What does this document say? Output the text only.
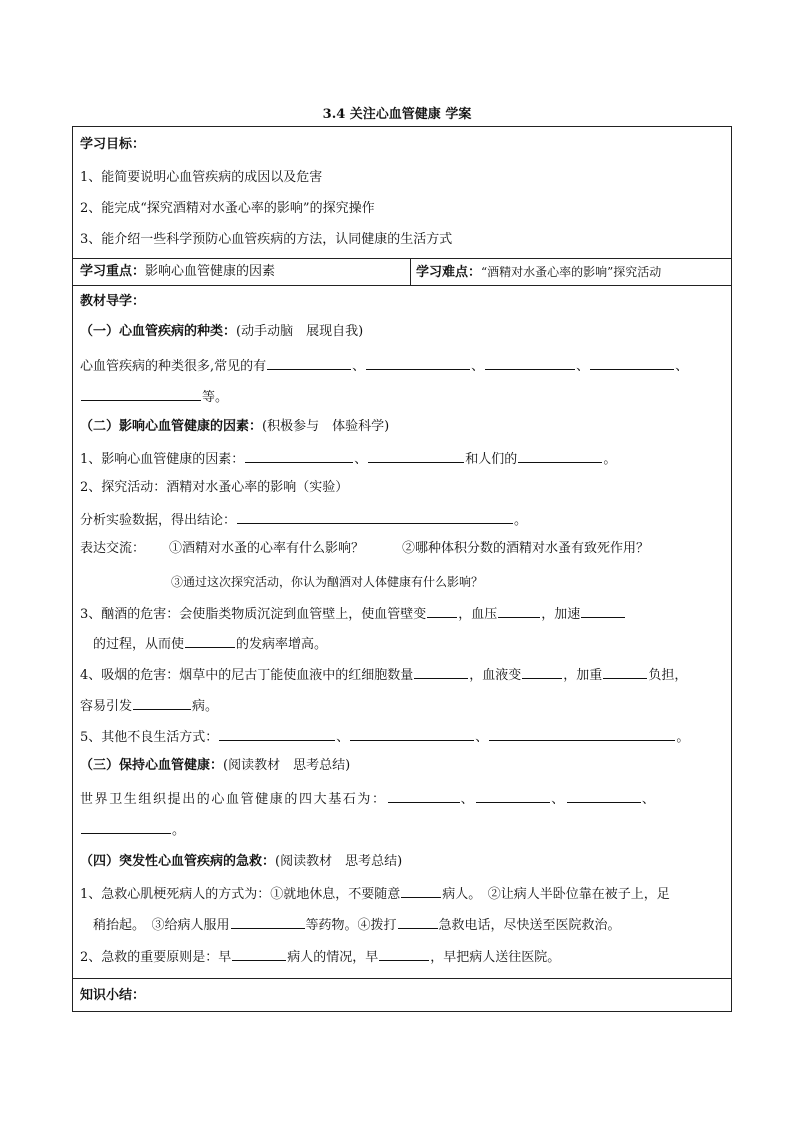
3.4 关注心血管健康 学案
学习目标：
1、能简要说明心血管疾病的成因以及危害
2、能完成“探究酒精对水蚤心率的影响”的探究操作
3、能介绍一些科学预防心血管疾病的方法，认同健康的生活方式
学习重点：影响心血管健康的因素	学习难点：“酒精对水蚤心率的影响”探究活动
教材导学：
（一）心血管疾病的种类：(动手动脑　展现自我)
心血管疾病的种类很多,常见的有	、	、	、	、
等。
（二）影响心血管健康的因素：(积极参与　体验科学)
1、影响心血管健康的因素：	、	和人们的	。
2、探究活动：酒精对水蚤心率的影响（实验）
分析实验数据，得出结论：	。
表达交流： ①酒精对水蚤的心率有什么影响？	②哪种体积分数的酒精对水蚤有致死作用？
③通过这次探究活动，你认为酗酒对人体健康有什么影响？
3、酗酒的危害：会使脂类物质沉淀到血管壁上，使血管壁变 ，血压	，加速
的过程，从而使	的发病率增高。
4、吸烟的危害：烟草中的尼古丁能使血液中的红细胞数量	，血液变	，加重	负担，
容易引发	病。
5、其他不良生活方式：	、	、	。
（三）保持心血管健康：(阅读教材　思考总结)
世界卫生组织提出的心血管健康的四大基石为：	、	、	、
。
（四）突发性心血管疾病的急救：(阅读教材　思考总结)
1、急救心肌梗死病人的方式为：①就地休息，不要随意	病人。　②让病人半卧位靠在被子上，足
稍抬起。　③给病人服用	等药物。④拨打	急救电话，尽快送至医院救治。
2、急救的重要原则是：早	病人的情况，早	，早把病人送往医院。
知识小结：
